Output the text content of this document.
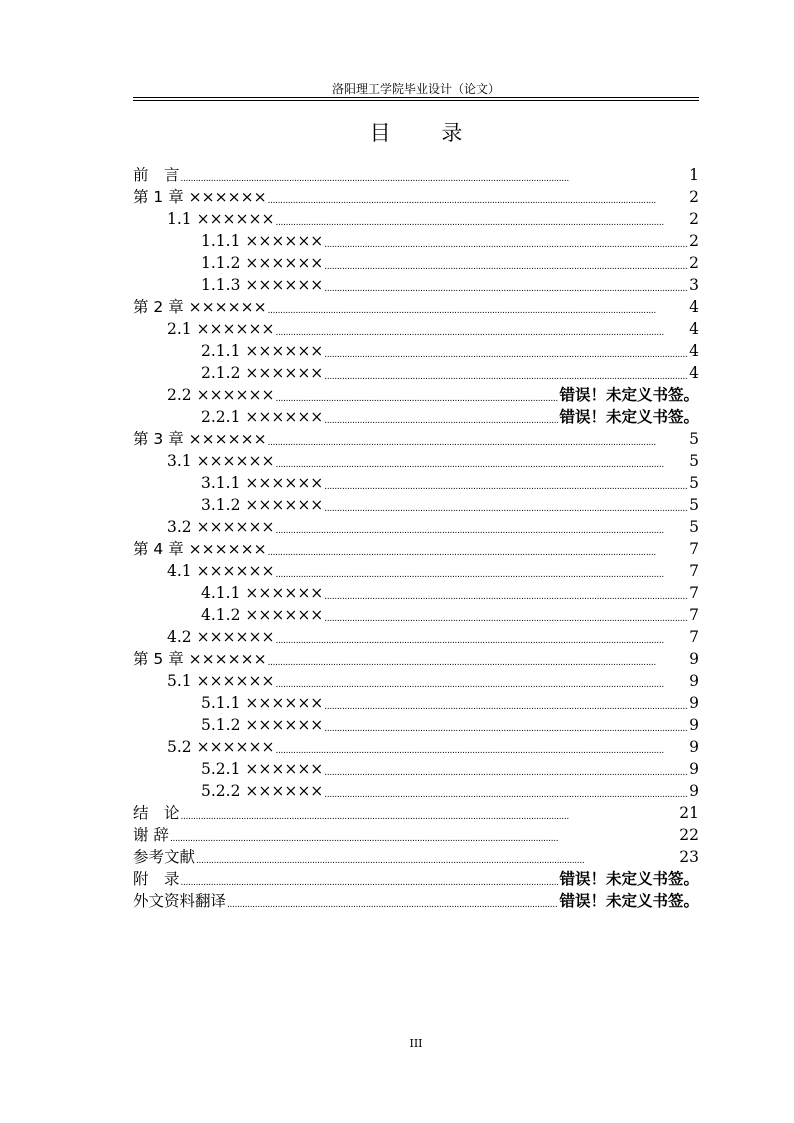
洛阳理工学院毕业设计（论文）
目 录
前　言 . . .	1
第 1 章 ×××××× . . .	2
1.1 ×××××× . . .	2
1.1.1 ×××××× . . .	2
1.1.2 ×××××× . . .	2
1.1.3 ×××××× . . .	3
第 2 章 ×××××× . . .	4
2.1 ×××××× . . .	4
2.1.1 ×××××× . . .	4
2.1.2 ×××××× . . .	4
2.2 ×××××× . . .	错误！未定义书签。
2.2.1 ×××××× . . .	错误！未定义书签。
第 3 章 ×××××× . . .	5
3.1 ×××××× . . .	5
3.1.1 ×××××× . . .	5
3.1.2 ×××××× . . .	5
3.2 ×××××× . . .	5
第 4 章 ×××××× . . .	7
4.1 ×××××× . . .	7
4.1.1 ×××××× . . .	7
4.1.2 ×××××× . . .	7
4.2 ×××××× . . .	7
第 5 章 ×××××× . . .	9
5.1 ×××××× . . .	9
5.1.1 ×××××× . . .	9
5.1.2 ×××××× . . .	9
5.2 ×××××× . . .	9
5.2.1 ×××××× . . .	9
5.2.2 ×××××× . . .	9
结　论 . . .	21
谢 辞 . . .	22
参考文献 . . .	23
附　录 . . .	错误！未定义书签。
外文资料翻译 . . .	错误！未定义书签。
III
